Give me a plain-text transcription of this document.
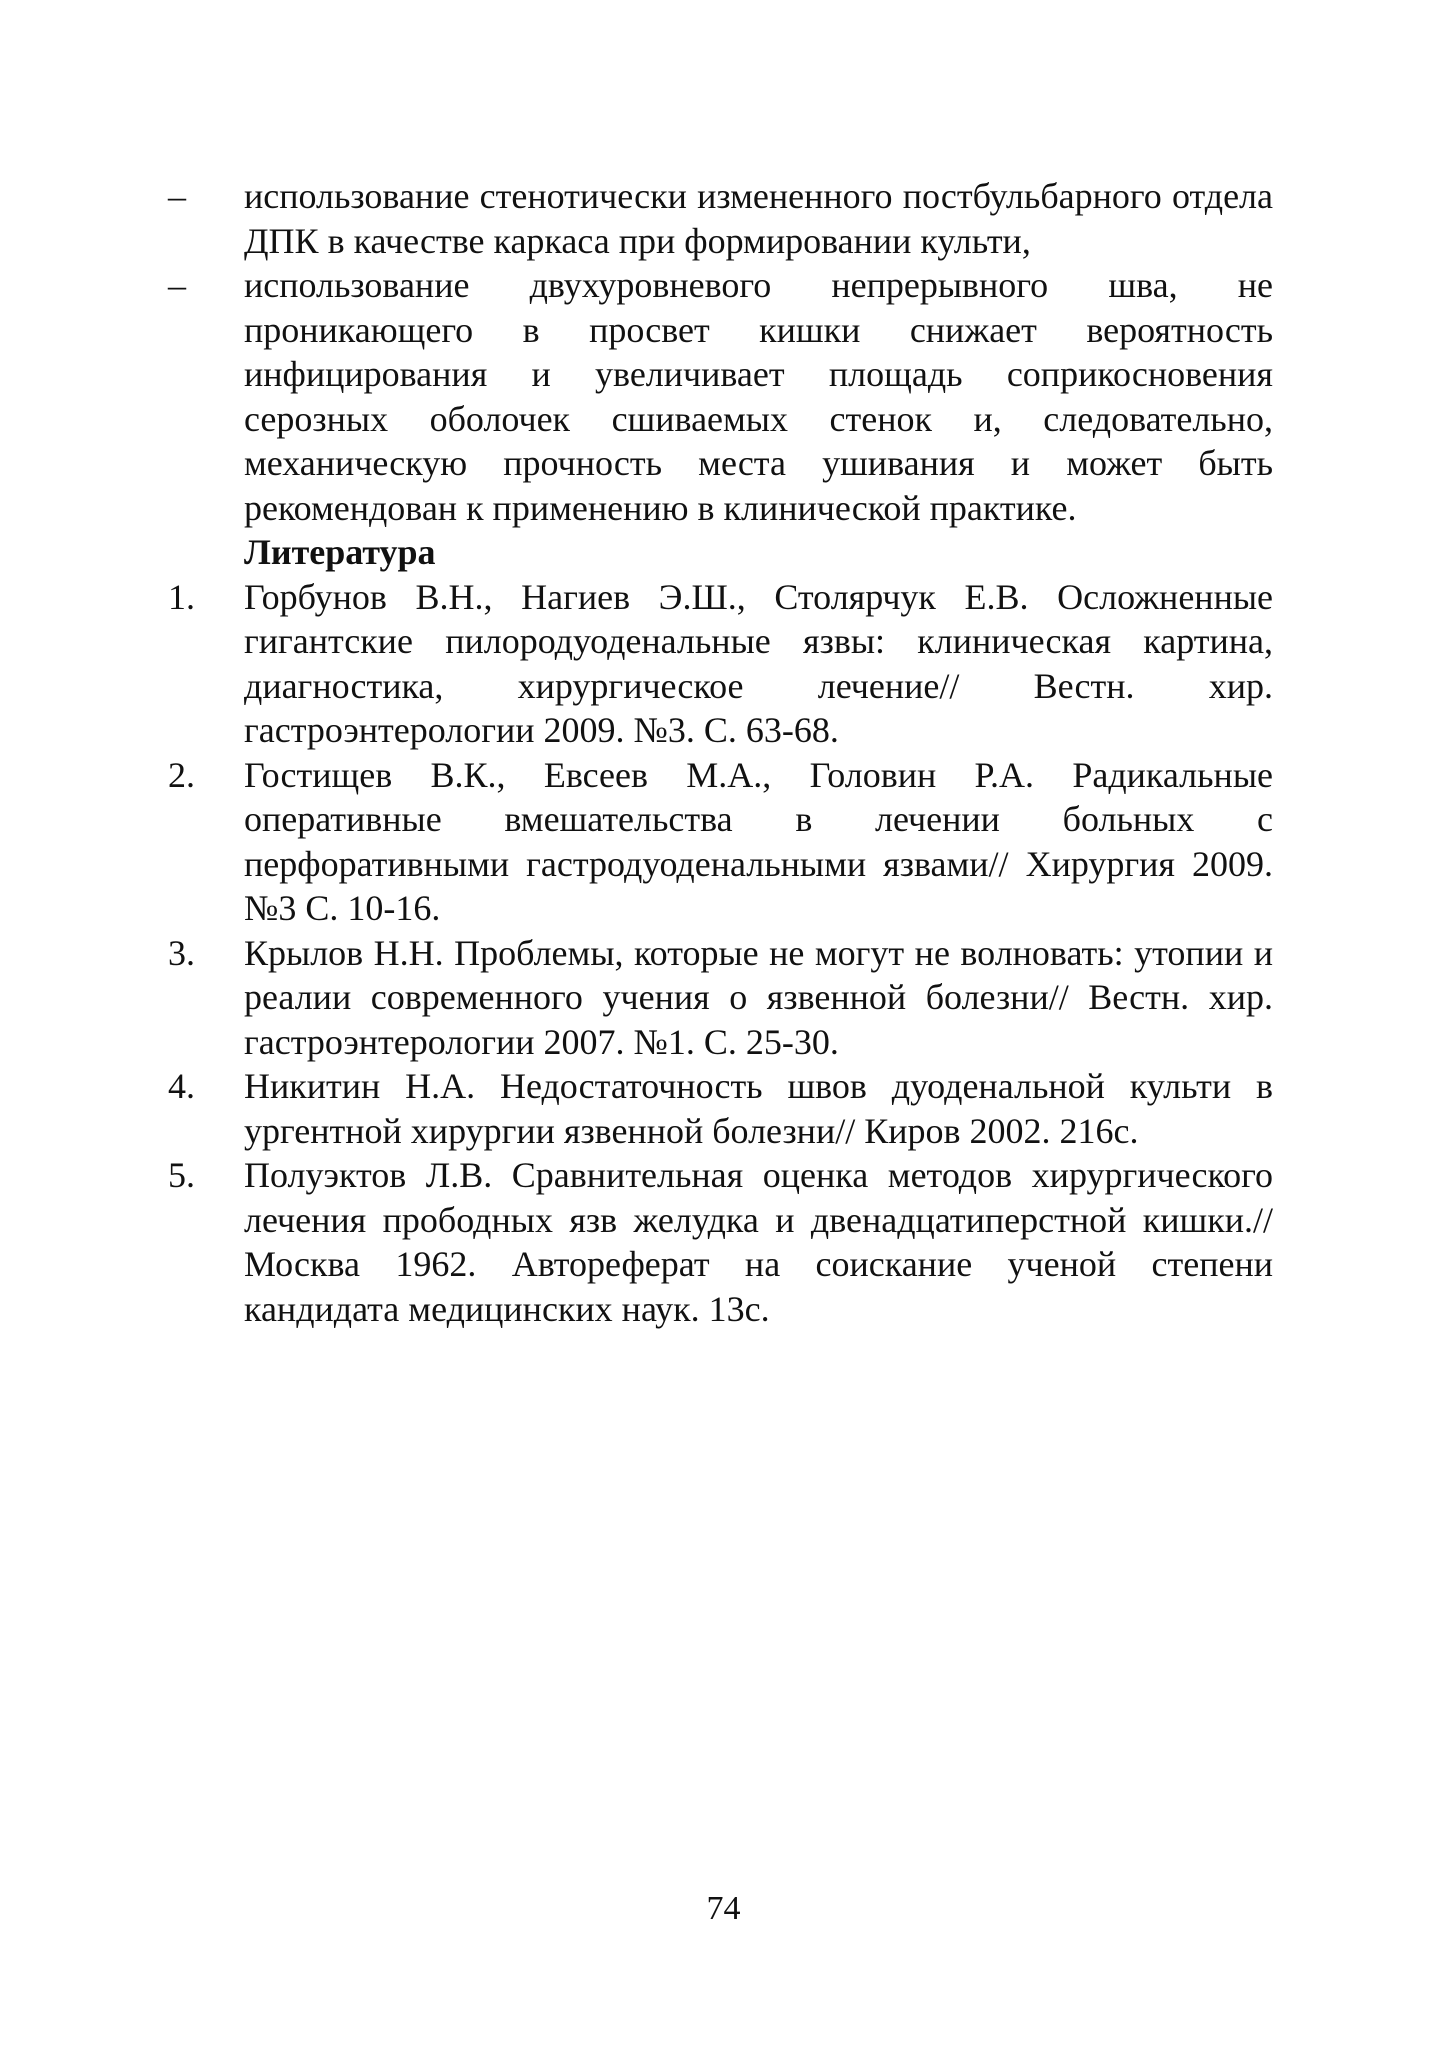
– использование стенотически измененного постбульбарного отдела ДПК в качестве каркаса при формировании культи,
– использование двухуровневого непрерывного шва, не проникающего в просвет кишки снижает вероятность инфицирования и увеличивает площадь соприкосновения серозных оболочек сшиваемых стенок и, следовательно, механическую прочность места ушивания и может быть рекомендован к применению в клинической практике.
Литература
1. Горбунов В.Н., Нагиев Э.Ш., Столярчук Е.В. Осложненные гигантские пилородуоденальные язвы: клиническая картина, диагностика, хирургическое лечение// Вестн. хир. гастроэнтерологии 2009. №3. С. 63-68.
2. Гостищев В.К., Евсеев М.А., Головин Р.А. Радикальные оперативные вмешательства в лечении больных с перфоративными гастродуоденальными язвами// Хирургия 2009. №3 С. 10-16.
3. Крылов Н.Н. Проблемы, которые не могут не волновать: утопии и реалии современного учения о язвенной болезни// Вестн. хир. гастроэнтерологии 2007. №1. С. 25-30.
4. Никитин Н.А. Недостаточность швов дуоденальной культи в ургентной хирургии язвенной болезни// Киров 2002. 216с.
5. Полуэктов Л.В. Сравнительная оценка методов хирургического лечения прободных язв желудка и двенадцатиперстной кишки.// Москва 1962. Автореферат на соискание ученой степени кандидата медицинских наук. 13с.
74
